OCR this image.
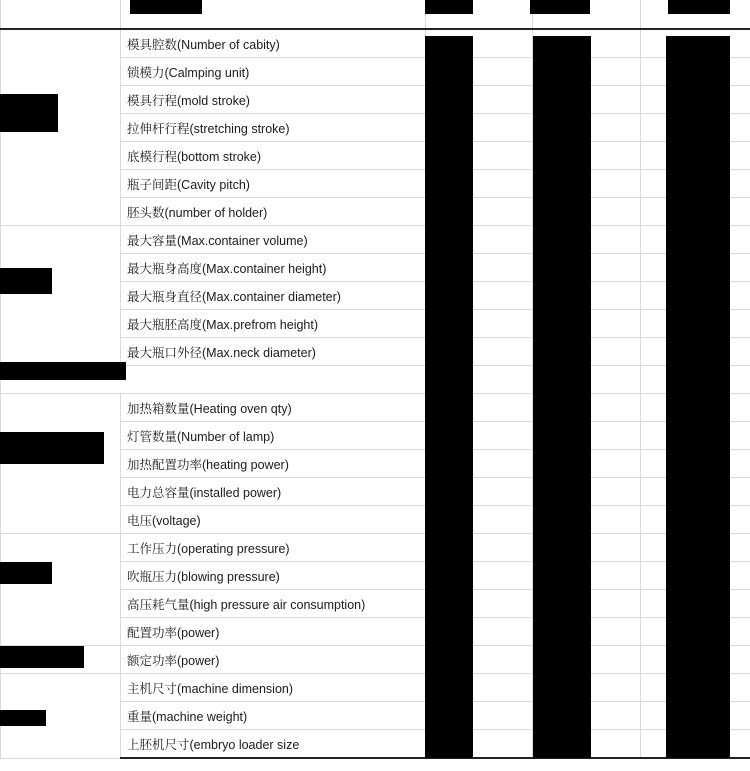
	模具腔数(Number of cabity)			
	锁模力(Calmping unit)			
	模具行程(mold stroke)			
	拉伸杆行程(stretching stroke)			
	底模行程(bottom stroke)			
	瓶子间距(Cavity pitch)			
	胚头数(number of holder)			
	最大容量(Max.container volume)			
	最大瓶身高度(Max.container height)			
	最大瓶身直径(Max.container diameter)			
	最大瓶胚高度(Max.prefrom height)			
	最大瓶口外径(Max.neck diameter)			

	加热箱数量(Heating oven qty)			
	灯管数量(Number of lamp)			
	加热配置功率(heating power)			
	电力总容量(installed power)			
	电压(voltage)			
	工作压力(operating pressure)			
	吹瓶压力(blowing pressure)			
	高压耗气量(high pressure air consumption)			
	配置功率(power)			
	额定功率(power)			
	主机尺寸(machine dimension)			
	重量(machine weight)			
	上胚机尺寸(embryo loader size			
